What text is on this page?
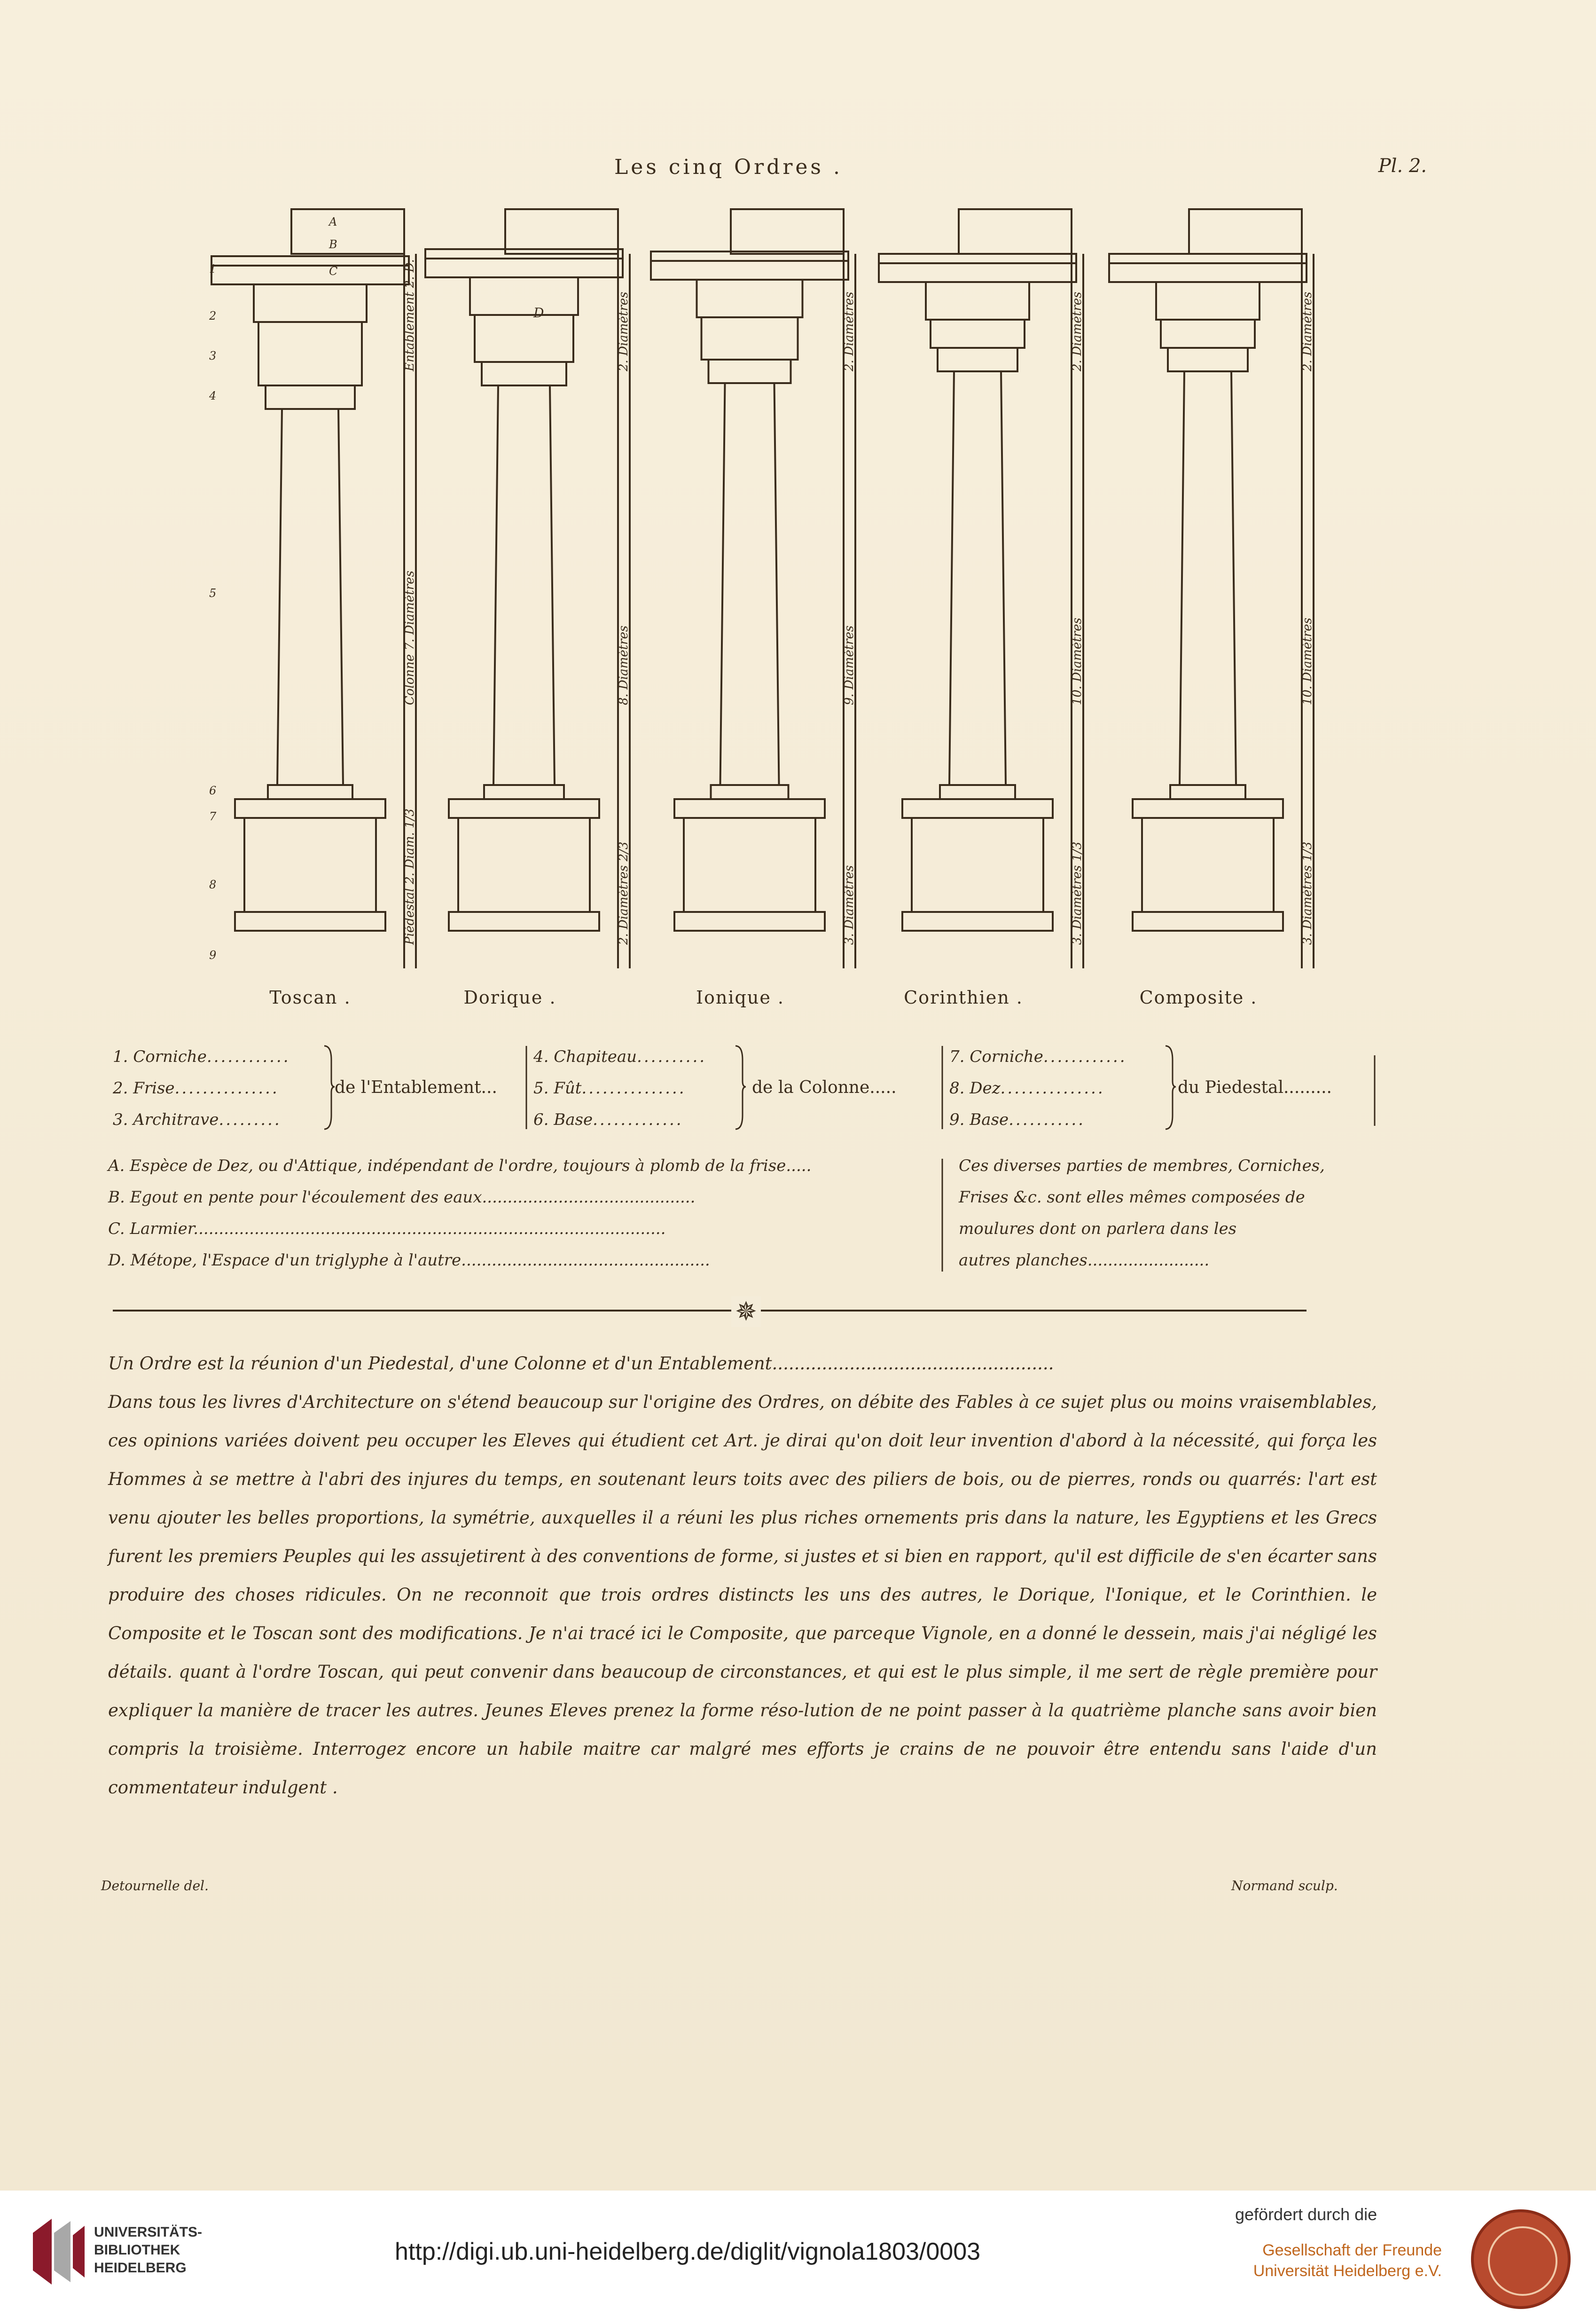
Les cinq Ordres .	Pl. 2.
Entablement 2. D.
Colonne 7. Diamètres
Piédestal 2. Diam. 1/3
2. Diamètres
8. Diamètres
2. Diamètres 2/3
2. Diamètres
9. Diamètres
3. Diamètres
2. Diamètres
10. Diamètres
3. Diamètres 1/3
2. Diamètres
10. Diamètres
3. Diamètres 1/3
1
2
3
4
5
6
7
8
9
A
B
C
D
Toscan .	Dorique .	Ionique .	Corinthien .	Composite .
1. Corniche............
2. Frise...............
3. Architrave.........
de l'Entablement...
4. Chapiteau..........
5. Fût...............
6. Base.............
de la Colonne.....
7. Corniche............
8. Dez...............
9. Base...........
du Piedestal.........
A. Espèce de Dez, ou d'Attique, indépendant de l'ordre, toujours à plomb de la frise.....
B. Egout en pente pour l'écoulement des eaux..........................................
C. Larmier.............................................................................................
D. Métope, l'Espace d'un triglyphe à l'autre.................................................
Ces diverses parties de membres, Corniches,
Frises &c. sont elles mêmes composées de
moulures dont on parlera dans les
autres planches........................
✵

Un Ordre est la réunion d'un Piedestal, d'une Colonne et d'un Entablement...................................................

Dans tous les livres d'Architecture on s'étend beaucoup sur l'origine des Ordres, on débite des Fables à ce sujet plus ou moins vraisemblables, ces opinions variées doivent peu occuper les Eleves qui étudient cet Art. je dirai qu'on doit leur invention d'abord à la nécessité, qui força les Hommes à se mettre à l'abri des injures du temps, en soutenant leurs toits avec des piliers de bois, ou de pierres, ronds ou quarrés: l'art est venu ajouter les belles proportions, la symétrie, auxquelles il a réuni les plus riches ornements pris dans la nature, les Egyptiens et les Grecs furent les premiers Peuples qui les assujetirent à des conventions de forme, si justes et si bien en rapport, qu'il est difficile de s'en écarter sans produire des choses ridicules. On ne reconnoit que trois ordres distincts les uns des autres, le Dorique, l'Ionique, et le Corinthien. le Composite et le Toscan sont des modifications. Je n'ai tracé ici le Composite, que parceque Vignole, en a donné le dessein, mais j'ai négligé les détails. quant à l'ordre Toscan, qui peut convenir dans beaucoup de circonstances, et qui est le plus simple, il me sert de règle première pour expliquer la manière de tracer les autres. Jeunes Eleves prenez la forme réso-lution de ne point passer à la quatrième planche sans avoir bien compris la troisième. Interrogez encore un habile maitre car malgré mes efforts je crains de ne pouvoir être entendu sans l'aide d'un commentateur indulgent .

Detournelle del.	Normand sculp.
UNIVERSITÄTS-
BIBLIOTHEK
HEIDELBERG
http://digi.ub.uni-heidelberg.de/diglit/vignola1803/0003
gefördert durch die
Gesellschaft der Freunde
Universität Heidelberg e.V.
